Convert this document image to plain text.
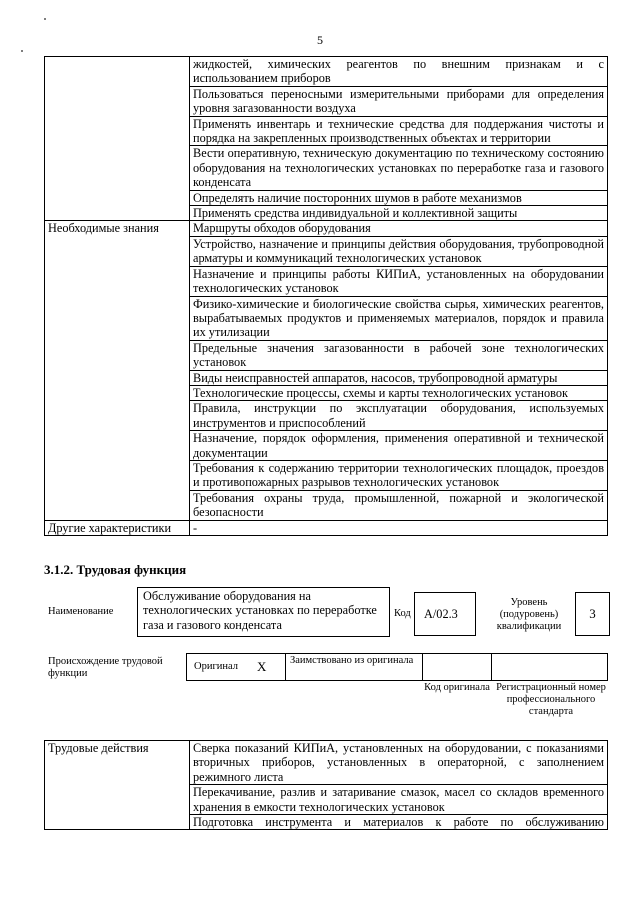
5
	жидкостей, химических реагентов по внешним признакам и с использованием приборов
	Пользоваться переносными измерительными приборами для определения уровня загазованности воздуха
	Применять инвентарь и технические средства для поддержания чистоты и порядка на закрепленных производственных объектах и территории
	Вести оперативную, техническую документацию по техническому состоянию оборудования на технологических установках по переработке газа и газового конденсата
	Определять наличие посторонних шумов в работе механизмов
	Применять средства индивидуальной и коллективной защиты
Необходимые знания	Маршруты обходов оборудования
	Устройство, назначение и принципы действия оборудования, трубопроводной арматуры и коммуникаций технологических установок
	Назначение и принципы работы КИПиА, установленных на оборудовании технологических установок
	Физико-химические и биологические свойства сырья, химических реагентов, вырабатываемых продуктов и применяемых материалов, порядок и правила их утилизации
	Предельные значения загазованности в рабочей зоне технологических установок
	Виды неисправностей аппаратов, насосов, трубопроводной арматуры
	Технологические процессы, схемы и карты технологических установок
	Правила, инструкции по эксплуатации оборудования, используемых инструментов и приспособлений
	Назначение, порядок оформления, применения оперативной и технической документации
	Требования к содержанию территории технологических площадок, проездов и противопожарных разрывов технологических установок
	Требования охраны труда, промышленной, пожарной и экологической безопасности
Другие характеристики	-
3.1.2. Трудовая функция
Наименование
Обслуживание оборудования на технологических установках по переработке газа и газового конденсата
Код	А/02.3
Уровень (подуровень) квалификации
3
Происхождение трудовой функции
Оригинал X	Заимствовано из оригинала
Код оригинала Регистрационный номер профессионального стандарта
Трудовые действия	Сверка показаний КИПиА, установленных на оборудовании, с показаниями вторичных приборов, установленных в операторной, с заполнением режимного листа
Перекачивание, разлив и затаривание смазок, масел со складов временного хранения в емкости технологических установок
Подготовка инструмента и материалов к работе по обслуживанию
